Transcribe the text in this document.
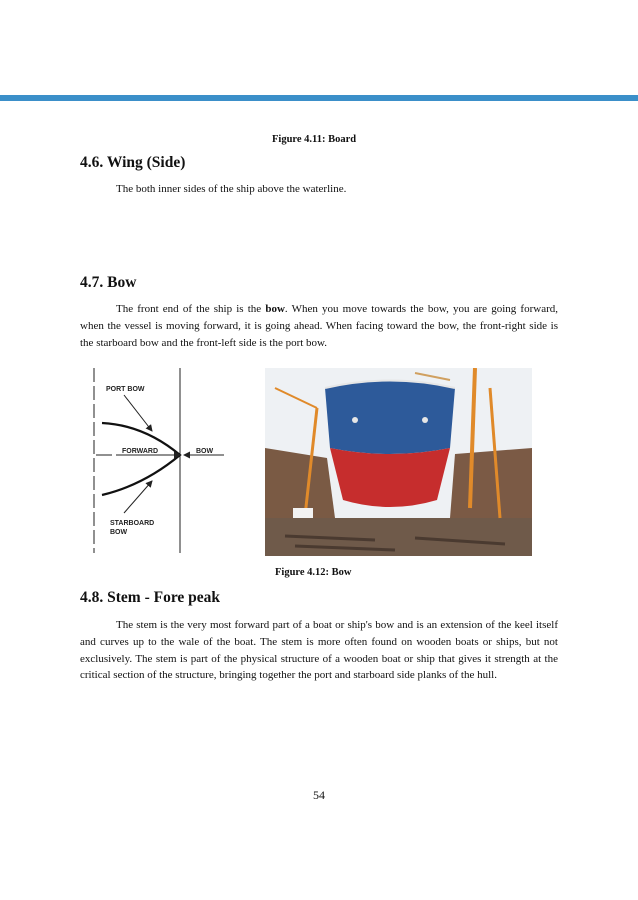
Figure 4.11: Board
4.6. Wing (Side)
The both inner sides of the ship above the waterline.
4.7. Bow
The front end of the ship is the bow. When you move towards the bow, you are going forward, when the vessel is moving forward, it is going ahead. When facing toward the bow, the front-right side is the starboard bow and the front-left side is the port bow.
PORT BOW
FORWARD	BOW
STARBOARD
BOW
Figure 4.12: Bow
4.8. Stem - Fore peak
The stem is the very most forward part of a boat or ship's bow and is an extension of the keel itself and curves up to the wale of the boat. The stem is more often found on wooden boats or ships, but not exclusively. The stem is part of the physical structure of a wooden boat or ship that gives it strength at the critical section of the structure, bringing together the port and starboard side planks of the hull.
54
